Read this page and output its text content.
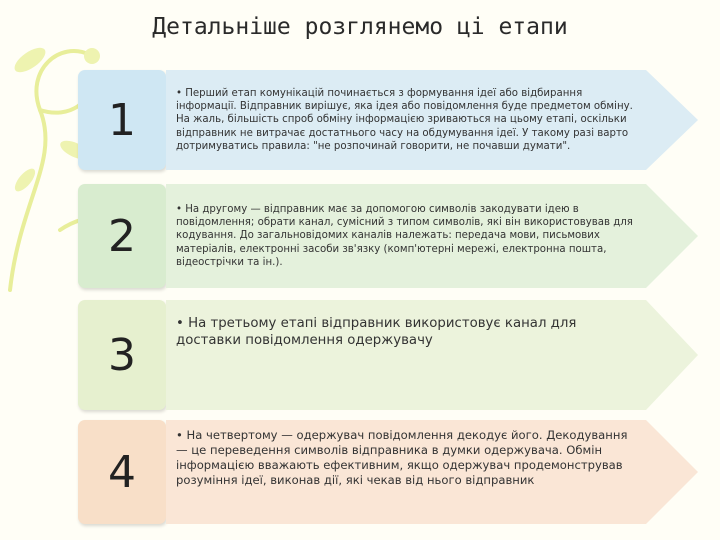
Детальніше розглянемо ці етапи
1
• Перший етап комунікацій починається з формування ідеї або відбирання інформації. Відправник вирішує, яка ідея або повідомлення буде предметом обміну. На жаль, більшість спроб обміну інформацією зриваються на цьому етапі, оскільки відправник не витрачає достатнього часу на обдумування ідеї. У такому разі варто дотримуватись правила: "не розпочинай говорити, не почавши думати".
2
• На другому — відправник має за допомогою символів закодувати ідею в повідомлення; обрати канал, сумісний з типом символів, які він використовував для кодування. До загальновідомих каналів належать: передача мови, письмових матеріалів, електронні засоби зв'язку (комп'ютерні мережі, електронна пошта, відеострічки та ін.).
3
• На третьому етапі відправник використовує канал для доставки повідомлення одержувачу
4
• На четвертому — одержувач повідомлення декодує його. Декодування — це переведення символів відправника в думки одержувача. Обмін інформацією вважають ефективним, якщо одержувач продемонстрував розуміння ідеї, виконав дії, які чекав від нього відправник
